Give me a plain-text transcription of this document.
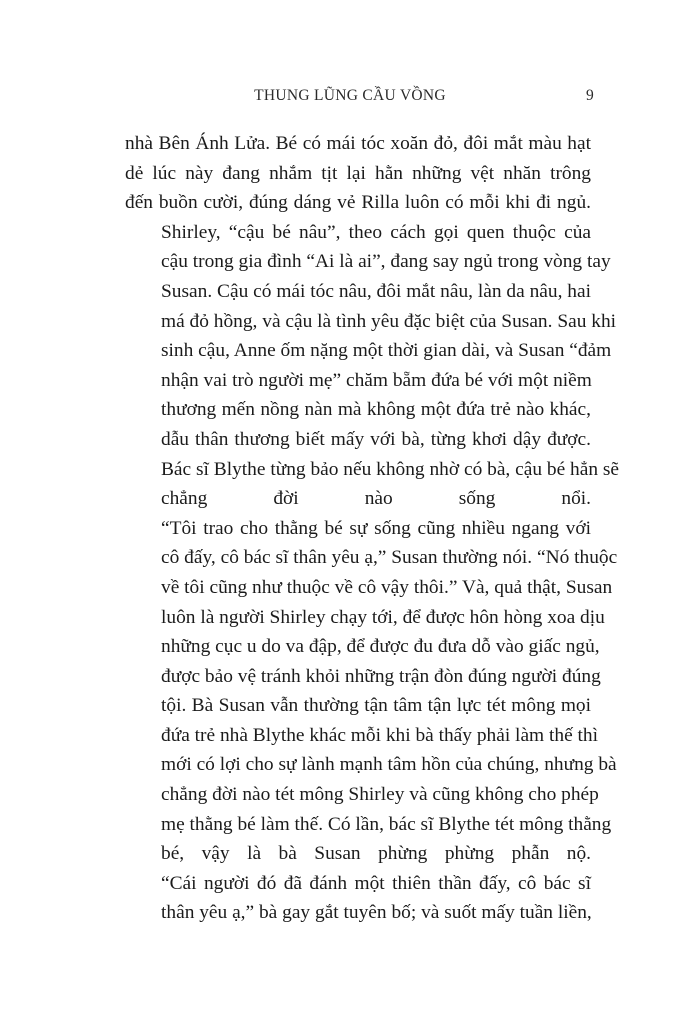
THUNG LŨNG CẦU VỒNG	9

nhà Bên Ánh Lửa. Bé có mái tóc xoăn đỏ, đôi mắt màu hạt
dẻ lúc này đang nhắm tịt lại hằn những vệt nhăn trông
đến buồn cười, đúng dáng vẻ Rilla luôn có mỗi khi đi ngủ.

Shirley, “cậu bé nâu”, theo cách gọi quen thuộc của
cậu trong gia đình “Ai là ai”, đang say ngủ trong vòng tay
Susan. Cậu có mái tóc nâu, đôi mắt nâu, làn da nâu, hai
má đỏ hồng, và cậu là tình yêu đặc biệt của Susan. Sau khi
sinh cậu, Anne ốm nặng một thời gian dài, và Susan “đảm
nhận vai trò người mẹ” chăm bẵm đứa bé với một niềm
thương mến nồng nàn mà không một đứa trẻ nào khác,
dẫu thân thương biết mấy với bà, từng khơi dậy được.
Bác sĩ Blythe từng bảo nếu không nhờ có bà, cậu bé hẳn sẽ
chẳng đời nào sống nổi.

“Tôi trao cho thằng bé sự sống cũng nhiều ngang với
cô đấy, cô bác sĩ thân yêu ạ,” Susan thường nói. “Nó thuộc
về tôi cũng như thuộc về cô vậy thôi.” Và, quả thật, Susan
luôn là người Shirley chạy tới, để được hôn hòng xoa dịu
những cục u do va đập, để được đu đưa dỗ vào giấc ngủ,
được bảo vệ tránh khỏi những trận đòn đúng người đúng
tội. Bà Susan vẫn thường tận tâm tận lực tét mông mọi
đứa trẻ nhà Blythe khác mỗi khi bà thấy phải làm thế thì
mới có lợi cho sự lành mạnh tâm hồn của chúng, nhưng bà
chẳng đời nào tét mông Shirley và cũng không cho phép
mẹ thằng bé làm thế. Có lần, bác sĩ Blythe tét mông thằng
bé, vậy là bà Susan phừng phừng phẫn nộ.

“Cái người đó đã đánh một thiên thần đấy, cô bác sĩ
thân yêu ạ,” bà gay gắt tuyên bố; và suốt mấy tuần liền,
